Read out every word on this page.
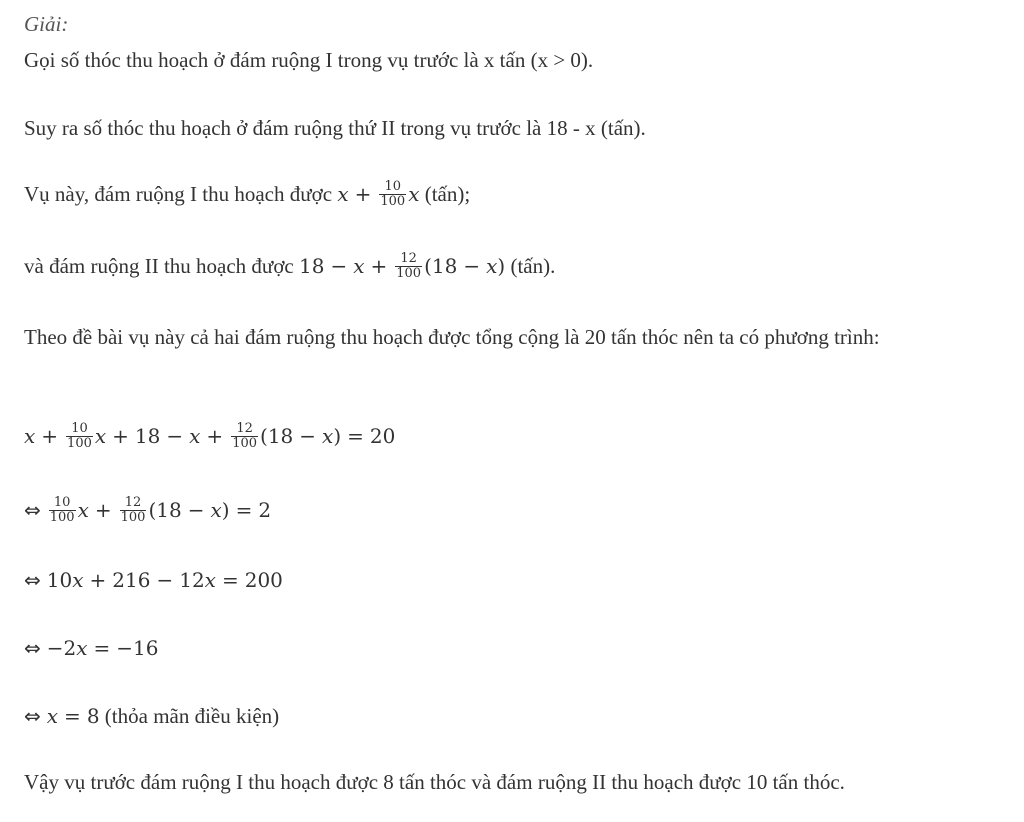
Giải:
Gọi số thóc thu hoạch ở đám ruộng I trong vụ trước là x tấn (x > 0).
Suy ra số thóc thu hoạch ở đám ruộng thứ II trong vụ trước là 18 - x (tấn).
Vụ này, đám ruộng I thu hoạch được $x + \frac{10}{100}$ x (tấn);
và đám ruộng II thu hoạch được $18 - x + \frac{12}{100} (18 - x)$ (tấn).
Theo đề bài vụ này cả hai đám ruộng thu hoạch được tổng cộng là 20 tấn thóc nên ta có phương trình:
$x + \frac{10}{100}$ $x + 18 - x + \frac{12}{100} (18 - x) = 20$
⇔ $\frac{10}{100}$ $x + \frac{12}{100} (18 - x) = 2$
⇔ 10x + 216 − 12x = 200
⇔ −2x = −16
⇔ x = 8 (thỏa mãn điều kiện)
Vậy vụ trước đám ruộng I thu hoạch được 8 tấn thóc và đám ruộng II thu hoạch được 10 tấn thóc.
